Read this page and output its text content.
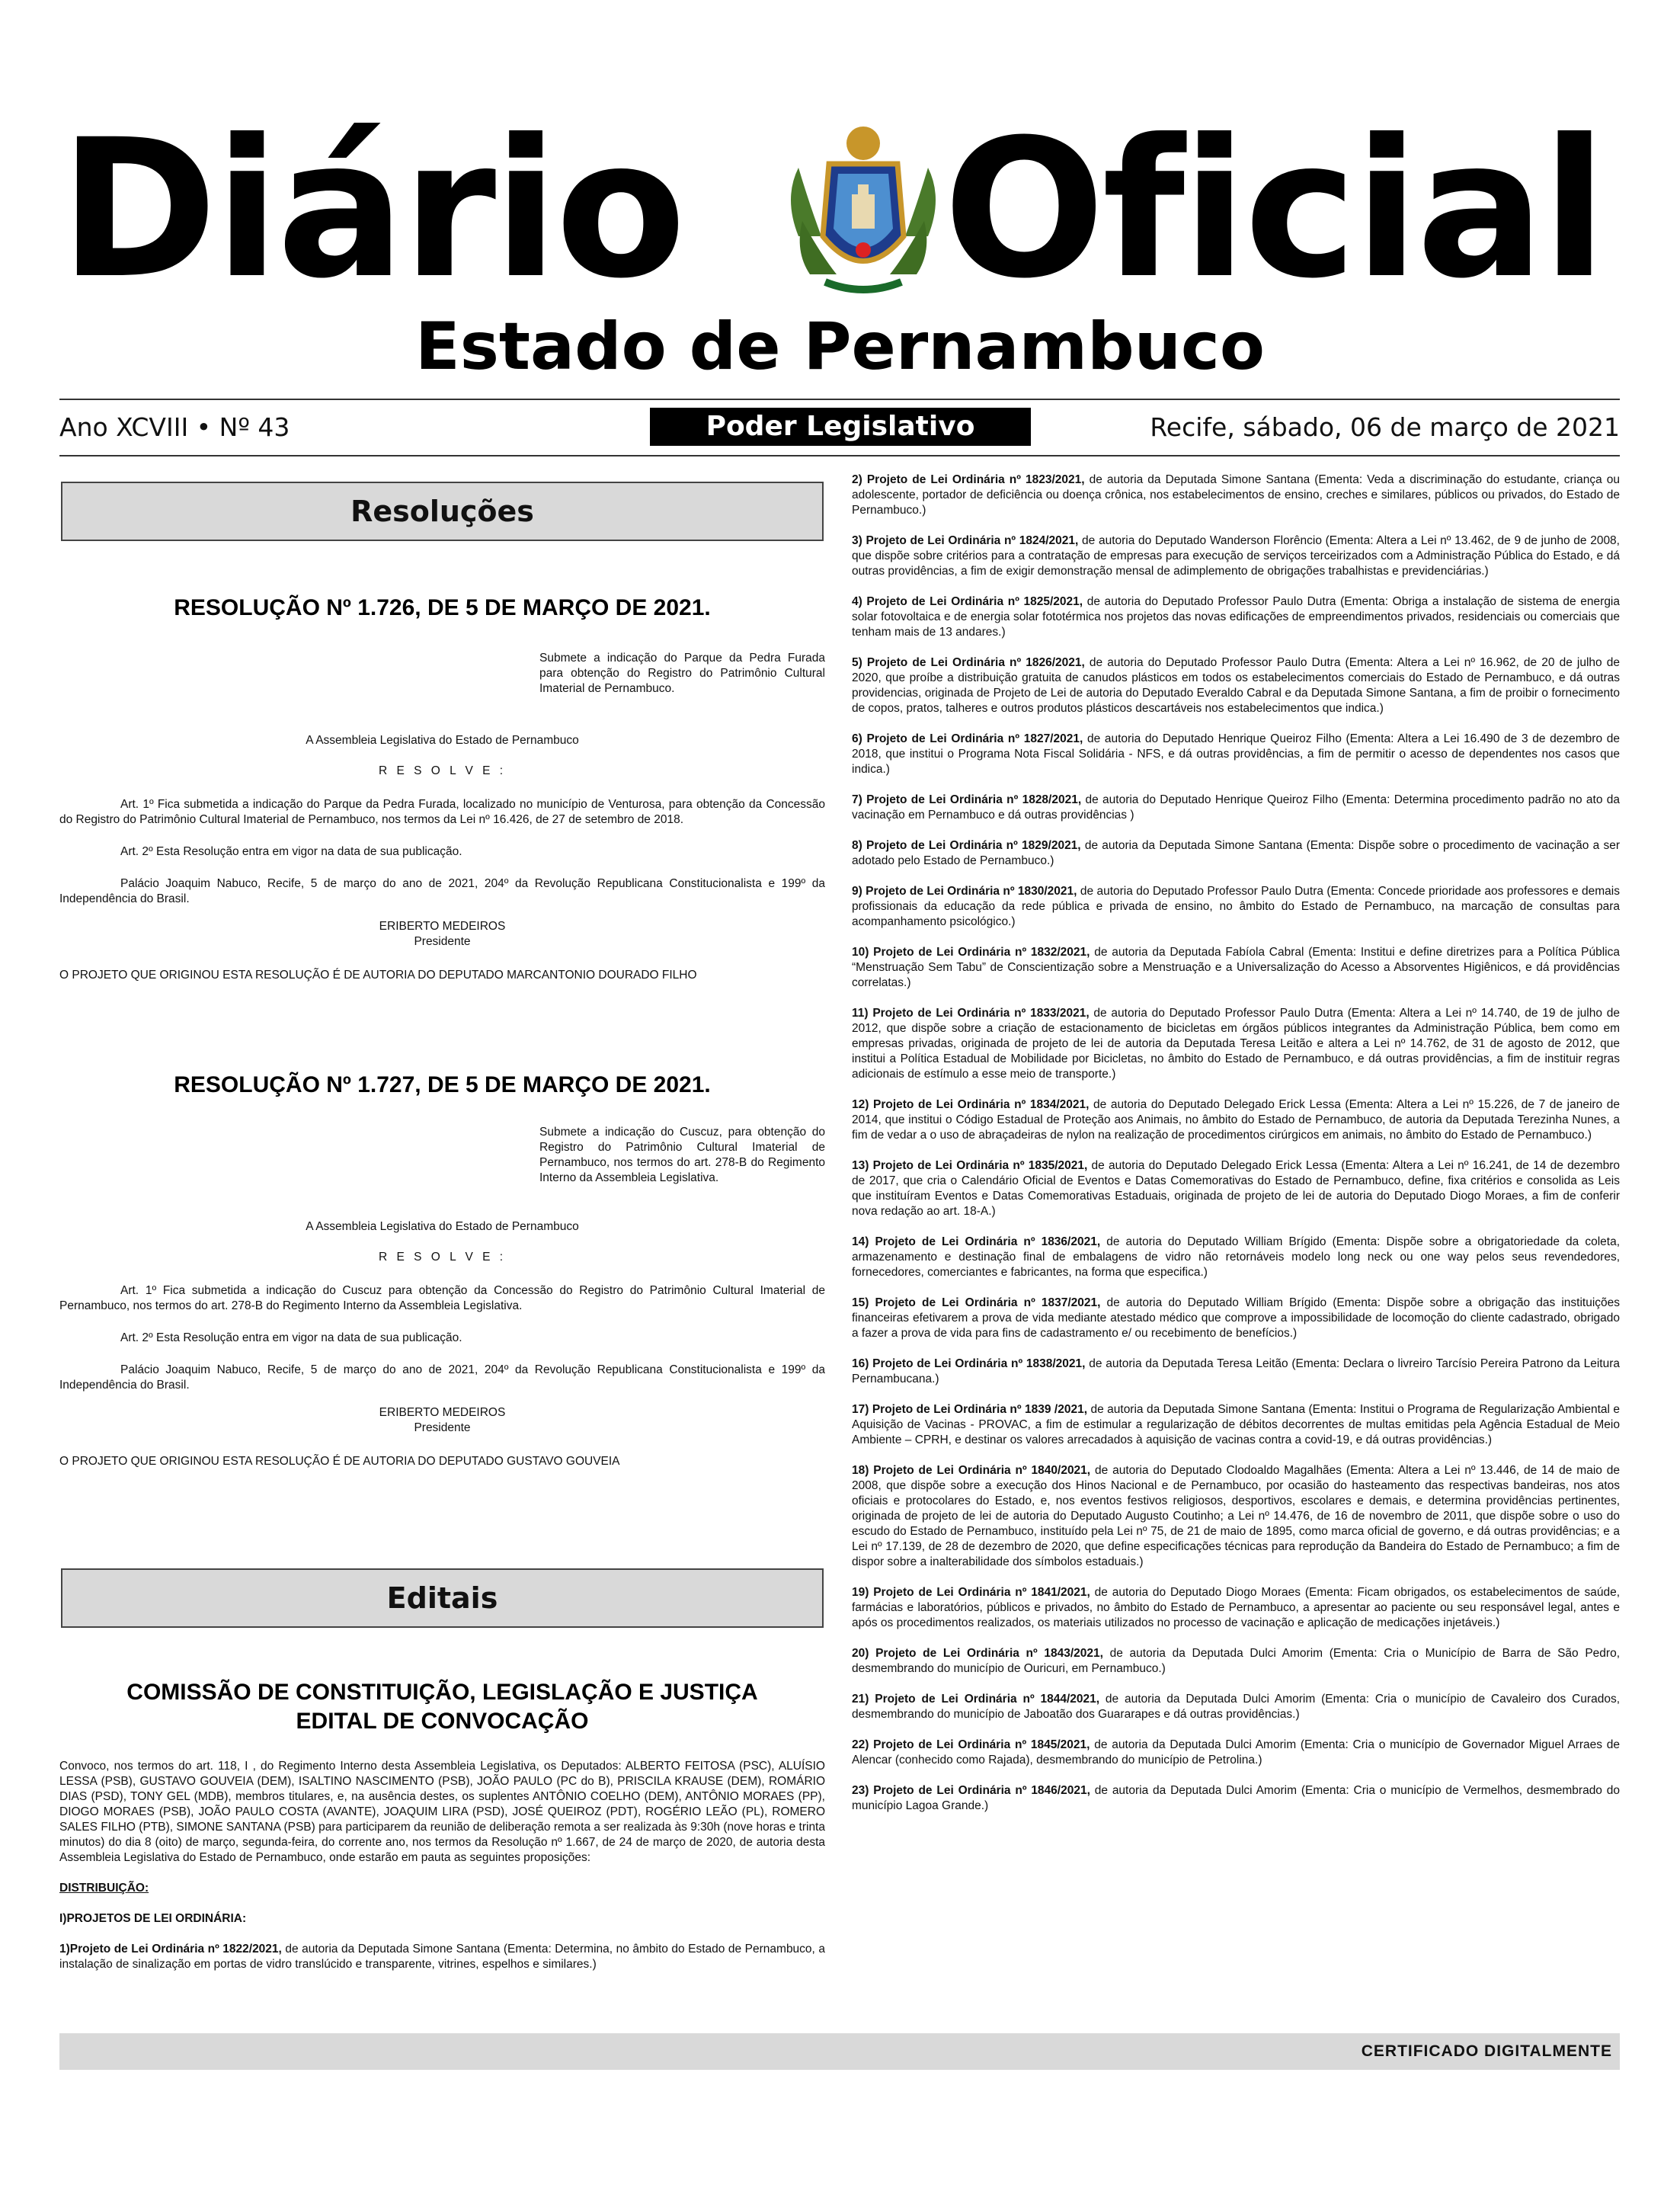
Diário Oficial
Estado de Pernambuco
Ano XCVIII • Nº 43	Poder Legislativo	Recife, sábado, 06 de março de 2021
Resoluções
RESOLUÇÃO Nº 1.726, DE 5 DE MARÇO DE 2021.
Submete a indicação do Parque da Pedra Furada para obtenção do Registro do Patrimônio Cultural Imaterial de Pernambuco.
A Assembleia Legislativa do Estado de Pernambuco
R E S O L V E :
Art. 1º Fica submetida a indicação do Parque da Pedra Furada, localizado no município de Venturosa, para obtenção da Concessão do Registro do Patrimônio Cultural Imaterial de Pernambuco, nos termos da Lei nº 16.426, de 27 de setembro de 2018.
Art. 2º Esta Resolução entra em vigor na data de sua publicação.
Palácio Joaquim Nabuco, Recife, 5 de março do ano de 2021, 204º da Revolução Republicana Constitucionalista e 199º da Independência do Brasil.
ERIBERTO MEDEIROS
Presidente
O PROJETO QUE ORIGINOU ESTA RESOLUÇÃO É DE AUTORIA DO DEPUTADO MARCANTONIO DOURADO FILHO
RESOLUÇÃO Nº 1.727, DE 5 DE MARÇO DE 2021.
Submete a indicação do Cuscuz, para obtenção do Registro do Patrimônio Cultural Imaterial de Pernambuco, nos termos do art. 278-B do Regimento Interno da Assembleia Legislativa.
A Assembleia Legislativa do Estado de Pernambuco
R E S O L V E :
Art. 1º Fica submetida a indicação do Cuscuz para obtenção da Concessão do Registro do Patrimônio Cultural Imaterial de Pernambuco, nos termos do art. 278-B do Regimento Interno da Assembleia Legislativa.
Art. 2º Esta Resolução entra em vigor na data de sua publicação.
Palácio Joaquim Nabuco, Recife, 5 de março do ano de 2021, 204º da Revolução Republicana Constitucionalista e 199º da Independência do Brasil.
ERIBERTO MEDEIROS
Presidente
O PROJETO QUE ORIGINOU ESTA RESOLUÇÃO É DE AUTORIA DO DEPUTADO GUSTAVO GOUVEIA
Editais
COMISSÃO DE CONSTITUIÇÃO, LEGISLAÇÃO E JUSTIÇA
EDITAL DE CONVOCAÇÃO
Convoco, nos termos do art. 118, I , do Regimento Interno desta Assembleia Legislativa, os Deputados: ALBERTO FEITOSA (PSC), ALUÍSIO LESSA (PSB), GUSTAVO GOUVEIA (DEM), ISALTINO NASCIMENTO (PSB), JOÃO PAULO (PC do B), PRISCILA KRAUSE (DEM), ROMÁRIO DIAS (PSD), TONY GEL (MDB), membros titulares, e, na ausência destes, os suplentes ANTÔNIO COELHO (DEM), ANTÔNIO MORAES (PP), DIOGO MORAES (PSB), JOÃO PAULO COSTA (AVANTE), JOAQUIM LIRA (PSD), JOSÉ QUEIROZ (PDT), ROGÉRIO LEÃO (PL), ROMERO SALES FILHO (PTB), SIMONE SANTANA (PSB) para participarem da reunião de deliberação remota a ser realizada às 9:30h (nove horas e trinta minutos) do dia 8 (oito) de março, segunda-feira, do corrente ano, nos termos da Resolução nº 1.667, de 24 de março de 2020, de autoria desta Assembleia Legislativa do Estado de Pernambuco, onde estarão em pauta as seguintes proposições:
DISTRIBUIÇÃO:
I)PROJETOS DE LEI ORDINÁRIA:
1)Projeto de Lei Ordinária nº 1822/2021, de autoria da Deputada Simone Santana (Ementa: Determina, no âmbito do Estado de Pernambuco, a instalação de sinalização em portas de vidro translúcido e transparente, vitrines, espelhos e similares.)
2) Projeto de Lei Ordinária nº 1823/2021, de autoria da Deputada Simone Santana (Ementa: Veda a discriminação do estudante, criança ou adolescente, portador de deficiência ou doença crônica, nos estabelecimentos de ensino, creches e similares, públicos ou privados, do Estado de Pernambuco.)
3) Projeto de Lei Ordinária nº 1824/2021, de autoria do Deputado Wanderson Florêncio (Ementa: Altera a Lei nº 13.462, de 9 de junho de 2008, que dispõe sobre critérios para a contratação de empresas para execução de serviços terceirizados com a Administração Pública do Estado, e dá outras providências, a fim de exigir demonstração mensal de adimplemento de obrigações trabalhistas e previdenciárias.)
4) Projeto de Lei Ordinária nº 1825/2021, de autoria do Deputado Professor Paulo Dutra (Ementa: Obriga a instalação de sistema de energia solar fotovoltaica e de energia solar fototérmica nos projetos das novas edificações de empreendimentos privados, residenciais ou comerciais que tenham mais de 13 andares.)
5) Projeto de Lei Ordinária nº 1826/2021, de autoria do Deputado Professor Paulo Dutra (Ementa: Altera a Lei nº 16.962, de 20 de julho de 2020, que proíbe a distribuição gratuita de canudos plásticos em todos os estabelecimentos comerciais do Estado de Pernambuco, e dá outras providencias, originada de Projeto de Lei de autoria do Deputado Everaldo Cabral e da Deputada Simone Santana, a fim de proibir o fornecimento de copos, pratos, talheres e outros produtos plásticos descartáveis nos estabelecimentos que indica.)
6) Projeto de Lei Ordinária nº 1827/2021, de autoria do Deputado Henrique Queiroz Filho (Ementa: Altera a Lei 16.490 de 3 de dezembro de 2018, que institui o Programa Nota Fiscal Solidária - NFS, e dá outras providências, a fim de permitir o acesso de dependentes nos casos que indica.)
7) Projeto de Lei Ordinária nº 1828/2021, de autoria do Deputado Henrique Queiroz Filho (Ementa: Determina procedimento padrão no ato da vacinação em Pernambuco e dá outras providências )
8) Projeto de Lei Ordinária nº 1829/2021, de autoria da Deputada Simone Santana (Ementa: Dispõe sobre o procedimento de vacinação a ser adotado pelo Estado de Pernambuco.)
9) Projeto de Lei Ordinária nº 1830/2021, de autoria do Deputado Professor Paulo Dutra (Ementa: Concede prioridade aos professores e demais profissionais da educação da rede pública e privada de ensino, no âmbito do Estado de Pernambuco, na marcação de consultas para acompanhamento psicológico.)
10) Projeto de Lei Ordinária nº 1832/2021, de autoria da Deputada Fabíola Cabral (Ementa: Institui e define diretrizes para a Política Pública “Menstruação Sem Tabu” de Conscientização sobre a Menstruação e a Universalização do Acesso a Absorventes Higiênicos, e dá providências correlatas.)
11) Projeto de Lei Ordinária nº 1833/2021, de autoria do Deputado Professor Paulo Dutra (Ementa: Altera a Lei nº 14.740, de 19 de julho de 2012, que dispõe sobre a criação de estacionamento de bicicletas em órgãos públicos integrantes da Administração Pública, bem como em empresas privadas, originada de projeto de lei de autoria da Deputada Teresa Leitão e altera a Lei nº 14.762, de 31 de agosto de 2012, que institui a Política Estadual de Mobilidade por Bicicletas, no âmbito do Estado de Pernambuco, e dá outras providências, a fim de instituir regras adicionais de estímulo a esse meio de transporte.)
12) Projeto de Lei Ordinária nº 1834/2021, de autoria do Deputado Delegado Erick Lessa (Ementa: Altera a Lei nº 15.226, de 7 de janeiro de 2014, que institui o Código Estadual de Proteção aos Animais, no âmbito do Estado de Pernambuco, de autoria da Deputada Terezinha Nunes, a fim de vedar a o uso de abraçadeiras de nylon na realização de procedimentos cirúrgicos em animais, no âmbito do Estado de Pernambuco.)
13) Projeto de Lei Ordinária nº 1835/2021, de autoria do Deputado Delegado Erick Lessa (Ementa: Altera a Lei nº 16.241, de 14 de dezembro de 2017, que cria o Calendário Oficial de Eventos e Datas Comemorativas do Estado de Pernambuco, define, fixa critérios e consolida as Leis que instituíram Eventos e Datas Comemorativas Estaduais, originada de projeto de lei de autoria do Deputado Diogo Moraes, a fim de conferir nova redação ao art. 18-A.)
14) Projeto de Lei Ordinária nº 1836/2021, de autoria do Deputado William Brígido (Ementa: Dispõe sobre a obrigatoriedade da coleta, armazenamento e destinação final de embalagens de vidro não retornáveis modelo long neck ou one way pelos seus revendedores, fornecedores, comerciantes e fabricantes, na forma que especifica.)
15) Projeto de Lei Ordinária nº 1837/2021, de autoria do Deputado William Brígido (Ementa: Dispõe sobre a obrigação das instituições financeiras efetivarem a prova de vida mediante atestado médico que comprove a impossibilidade de locomoção do cliente cadastrado, obrigado a fazer a prova de vida para fins de cadastramento e/ ou recebimento de benefícios.)
16) Projeto de Lei Ordinária nº 1838/2021, de autoria da Deputada Teresa Leitão (Ementa: Declara o livreiro Tarcísio Pereira Patrono da Leitura Pernambucana.)
17) Projeto de Lei Ordinária nº 1839 /2021, de autoria da Deputada Simone Santana (Ementa: Institui o Programa de Regularização Ambiental e Aquisição de Vacinas - PROVAC, a fim de estimular a regularização de débitos decorrentes de multas emitidas pela Agência Estadual de Meio Ambiente – CPRH, e destinar os valores arrecadados à aquisição de vacinas contra a covid-19, e dá outras providências.)
18) Projeto de Lei Ordinária nº 1840/2021, de autoria do Deputado Clodoaldo Magalhães (Ementa: Altera a Lei nº 13.446, de 14 de maio de 2008, que dispõe sobre a execução dos Hinos Nacional e de Pernambuco, por ocasião do hasteamento das respectivas bandeiras, nos atos oficiais e protocolares do Estado, e, nos eventos festivos religiosos, desportivos, escolares e demais, e determina providências pertinentes, originada de projeto de lei de autoria do Deputado Augusto Coutinho; a Lei nº 14.476, de 16 de novembro de 2011, que dispõe sobre o uso do escudo do Estado de Pernambuco, instituído pela Lei nº 75, de 21 de maio de 1895, como marca oficial de governo, e dá outras providências; e a Lei nº 17.139, de 28 de dezembro de 2020, que define especificações técnicas para reprodução da Bandeira do Estado de Pernambuco; a fim de dispor sobre a inalterabilidade dos símbolos estaduais.)
19) Projeto de Lei Ordinária nº 1841/2021, de autoria do Deputado Diogo Moraes (Ementa: Ficam obrigados, os estabelecimentos de saúde, farmácias e laboratórios, públicos e privados, no âmbito do Estado de Pernambuco, a apresentar ao paciente ou seu responsável legal, antes e após os procedimentos realizados, os materiais utilizados no processo de vacinação e aplicação de medicações injetáveis.)
20) Projeto de Lei Ordinária nº 1843/2021, de autoria da Deputada Dulci Amorim (Ementa: Cria o Município de Barra de São Pedro, desmembrando do município de Ouricuri, em Pernambuco.)
21) Projeto de Lei Ordinária nº 1844/2021, de autoria da Deputada Dulci Amorim (Ementa: Cria o município de Cavaleiro dos Curados, desmembrando do município de Jaboatão dos Guararapes e dá outras providências.)
22) Projeto de Lei Ordinária nº 1845/2021, de autoria da Deputada Dulci Amorim (Ementa: Cria o município de Governador Miguel Arraes de Alencar (conhecido como Rajada), desmembrando do município de Petrolina.)
23) Projeto de Lei Ordinária nº 1846/2021, de autoria da Deputada Dulci Amorim (Ementa: Cria o município de Vermelhos, desmembrado do município Lagoa Grande.)
CERTIFICADO DIGITALMENTE
